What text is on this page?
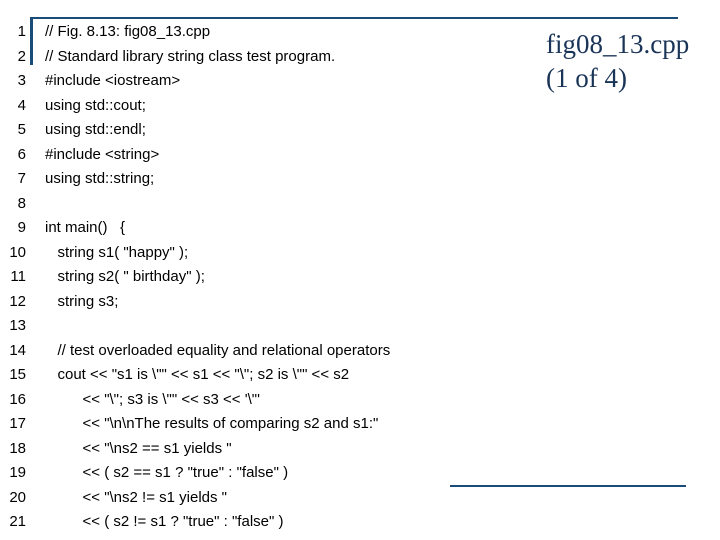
1
2
3
4
5
6
7
8
9
10
11
12
13
14
15
16
17
18
19
20
21
// Fig. 8.13: fig08_13.cpp
// Standard library string class test program.
#include <iostream>
using std::cout;
using std::endl;
#include <string>
using std::string;
int main()   {
string s1( "happy" );
string s2( " birthday" );
string s3;
// test overloaded equality and relational operators
cout << "s1 is \"" << s1 << "\"; s2 is \"" << s2
<< "\"; s3 is \"" << s3 << '\"'
<< "\n\nThe results of comparing s2 and s1:"
<< "\ns2 == s1 yields "
<< ( s2 == s1 ? "true" : "false" )
<< "\ns2 != s1 yields "
<< ( s2 != s1 ? "true" : "false" )
fig08_13.cpp
(1 of 4)
